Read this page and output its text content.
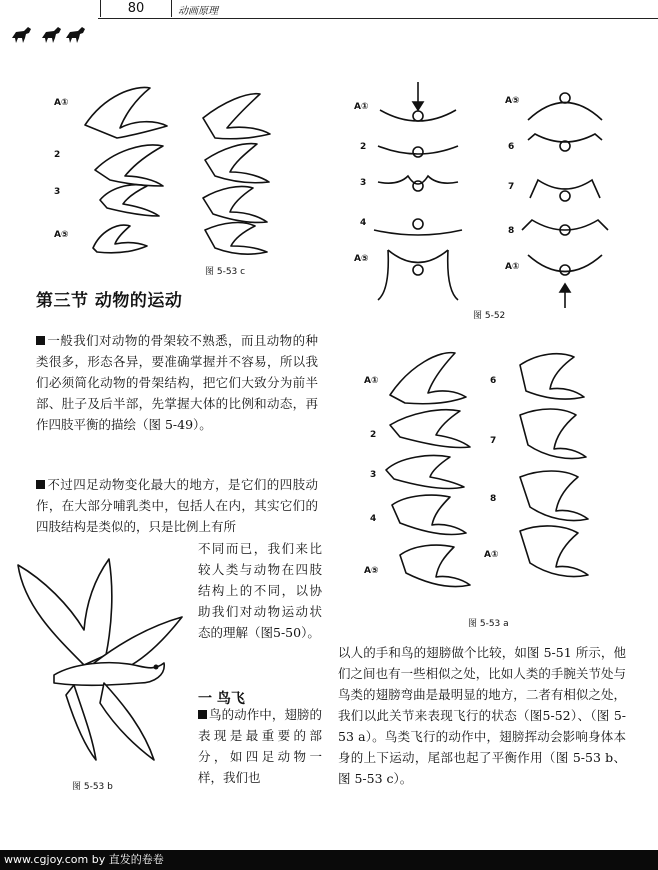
80	动画原理
A①
2
3
A⑤
图 5-53 c
A①
2
3
4
A⑤
A⑤
6
7
8
A①
图 5-52
第三节 动物的运动
一般我们对动物的骨架较不熟悉，而且动物的种类很多，形态各异，要准确掌握并不容易，所以我们必须简化动物的骨架结构，把它们大致分为前半部、肚子及后半部，先掌握大体的比例和动态，再作四肢平衡的描绘（图 5-49）。
不过四足动物变化最大的地方，是它们的四肢动作，在大部分哺乳类中，包括人在内，其实它们的四肢结构是类似的，只是比例上有所
图 5-53 b
不同而已，我们来比较人类与动物在四肢结构上的不同，以协助我们对动物运动状态的理解（图5-50）。
一 鸟飞
鸟的动作中，翅膀的表现是最重要的部分，如四足动物一样，我们也
A①
2
3
4
A⑤
6
7
8
A①
图 5-53 a
以人的手和鸟的翅膀做个比较，如图 5-51 所示，他们之间也有一些相似之处，比如人类的手腕关节处与鸟类的翅膀弯曲是最明显的地方，二者有相似之处，我们以此关节来表现飞行的状态（图5-52）、（图 5-53 a）。鸟类飞行的动作中，翅膀挥动会影响身体本身的上下运动，尾部也起了平衡作用（图 5-53 b、图 5-53 c）。
www.cgjoy.com by 直发的卷卷
